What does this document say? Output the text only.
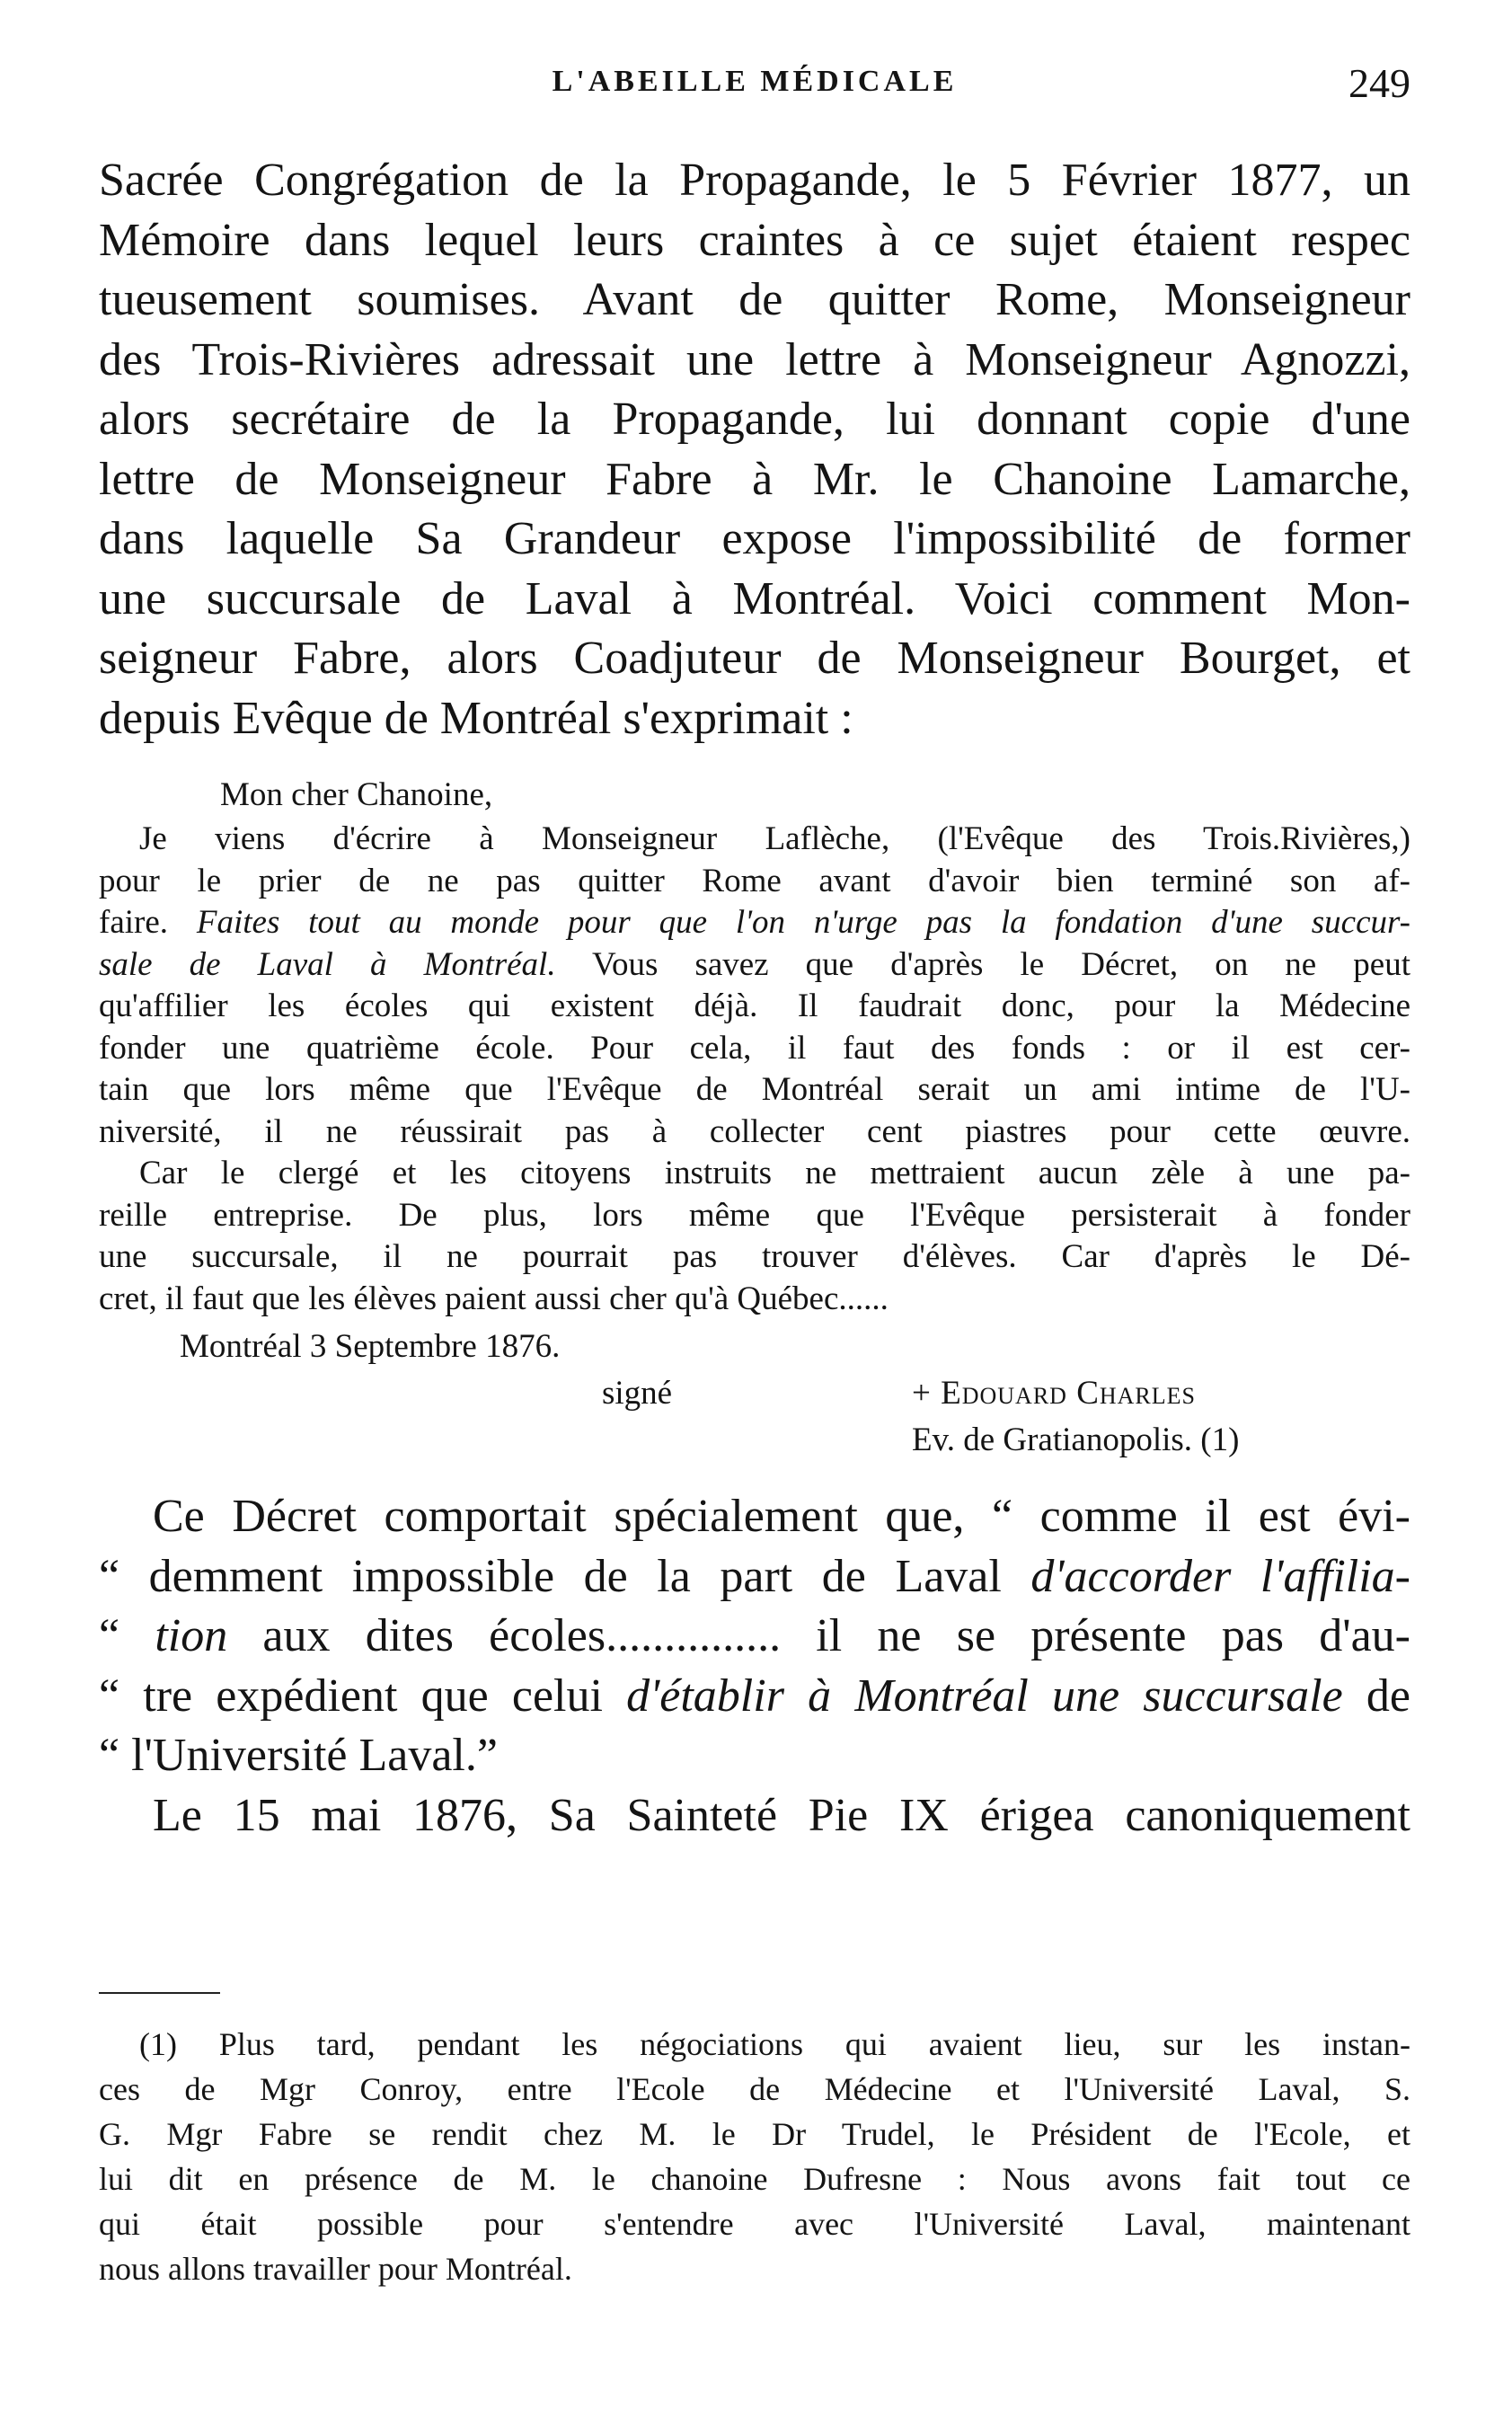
L'ABEILLE MÉDICALE	249
Sacrée Congrégation de la Propagande, le 5 Février 1877, un
Mémoire dans lequel leurs craintes à ce sujet étaient respec
tueusement soumises. Avant de quitter Rome, Monseigneur
des Trois-Rivières adressait une lettre à Monseigneur Agnozzi,
alors secrétaire de la Propagande, lui donnant copie d'une
lettre de Monseigneur Fabre à Mr. le Chanoine Lamarche,
dans laquelle Sa Grandeur expose l'impossibilité de former
une succursale de Laval à Montréal. Voici comment Mon-
seigneur Fabre, alors Coadjuteur de Monseigneur Bourget, et
depuis Evêque de Montréal s'exprimait :
Mon cher Chanoine,
Je viens d'écrire à Monseigneur Laflèche, (l'Evêque des Trois.Rivières,)
pour le prier de ne pas quitter Rome avant d'avoir bien terminé son af-
faire. Faites tout au monde pour que l'on n'urge pas la fondation d'une succur-
sale de Laval à Montréal. Vous savez que d'après le Décret, on ne peut
qu'affilier les écoles qui existent déjà. Il faudrait donc, pour la Médecine
fonder une quatrième école. Pour cela, il faut des fonds : or il est cer-
tain que lors même que l'Evêque de Montréal serait un ami intime de l'U-
niversité, il ne réussirait pas à collecter cent piastres pour cette œuvre.
Car le clergé et les citoyens instruits ne mettraient aucun zèle à une pa-
reille entreprise. De plus, lors même que l'Evêque persisterait à fonder
une succursale, il ne pourrait pas trouver d'élèves. Car d'après le Dé-
cret, il faut que les élèves paient aussi cher qu'à Québec......
Montréal 3 Septembre 1876.
signé	+ Edouard Charles
Ev. de Gratianopolis. (1)
Ce Décret comportait spécialement que, “ comme il est évi-
“ demment impossible de la part de Laval d'accorder l'affilia-
“ tion aux dites écoles............... il ne se présente pas d'au-
“ tre expédient que celui d'établir à Montréal une succursale de
“ l'Université Laval.”
Le 15 mai 1876, Sa Sainteté Pie IX érigea canoniquement
(1) Plus tard, pendant les négociations qui avaient lieu, sur les instan-
ces de Mgr Conroy, entre l'Ecole de Médecine et l'Université Laval, S.
G. Mgr Fabre se rendit chez M. le Dr Trudel, le Président de l'Ecole, et
lui dit en présence de M. le chanoine Dufresne : Nous avons fait tout ce
qui était possible pour s'entendre avec l'Université Laval, maintenant
nous allons travailler pour Montréal.
